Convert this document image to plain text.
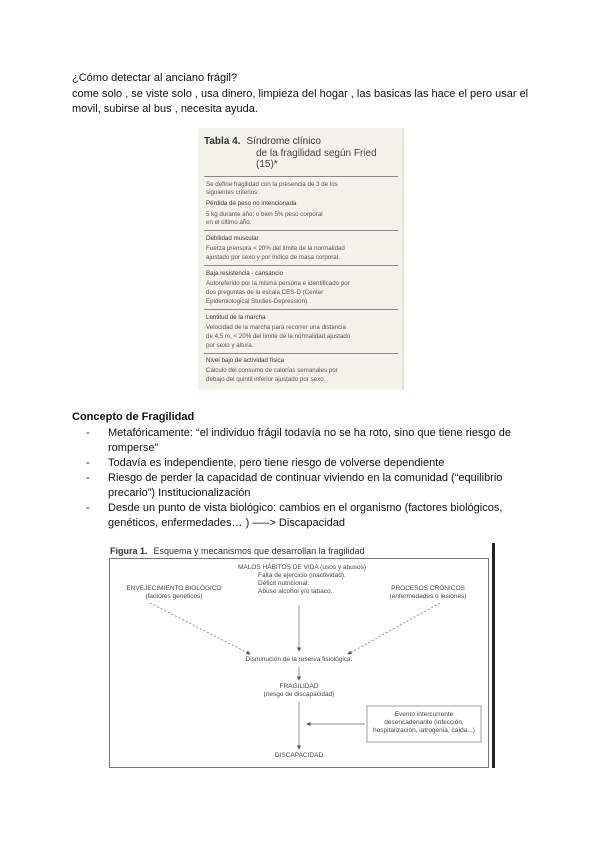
¿Cómo detectar al anciano frágil?
come solo , se viste solo , usa dinero, limpieza del hogar , las basicas las hace el pero usar el movil, subirse al bus , necesita ayuda.
Tabla 4. Síndrome clínico
de la fragilidad según Fried
(15)*
Se define fragilidad con la presencia de 3 de los
siguientes criterios:
Pérdida de peso no intencionada
5 kg durante año; o bien 5% peso corporal
en el último año.
Debilidad muscular
Fuerza prensora < 20% del límite de la normalidad
ajustado por sexo y por índice de masa corporal.
Baja resistencia - cansancio
Autoreferido por la misma persona e identificado por
dos preguntas de la escala CES-D (Center
Epidemiological Studies-Depression).
Lentitud de la marcha
Velocidad de la marcha para recorrer una distancia
de 4,5 m, < 20% del límite de la normalidad ajustado
por sexo y altura.
Nivel bajo de actividad física
Cálculo del consumo de calorías semanales por
debajo del quintil inferior ajustado por sexo.
Concepto de Fragilidad
- Metafóricamente: “el individuo frágil todavía no se ha roto, sino que tiene riesgo de romperse”
- Todavía es independiente, pero tiene riesgo de volverse dependiente
- Riesgo de perder la capacidad de continuar viviendo en la comunidad (“equilibrio precario”) Institucionalización
- Desde un punto de vista biológico: cambios en el organismo (factores biológicos, genéticos, enfermedades… ) —–> Discapacidad
Figura 1. Esquema y mecanismos que desarrollan la fragilidad
ENVEJECIMIENTO BIOLÓGICO
(factores genéticos)
MALOS HÁBITOS DE VIDA (usos y abusos)
Falta de ejercicio (inactividad).
Déficit nutricional.
Abuso alcohol y/o tabaco.	PROCESOS CRÓNICOS
(enfermedades o lesiones)
Disminución de la reserva fisiológica.
FRAGILIDAD
(riesgo de discapacidad)
Evento intercurrente
desencadenante (infección,
hospitalización, iatrogenia, caída...)
DISCAPACIDAD
